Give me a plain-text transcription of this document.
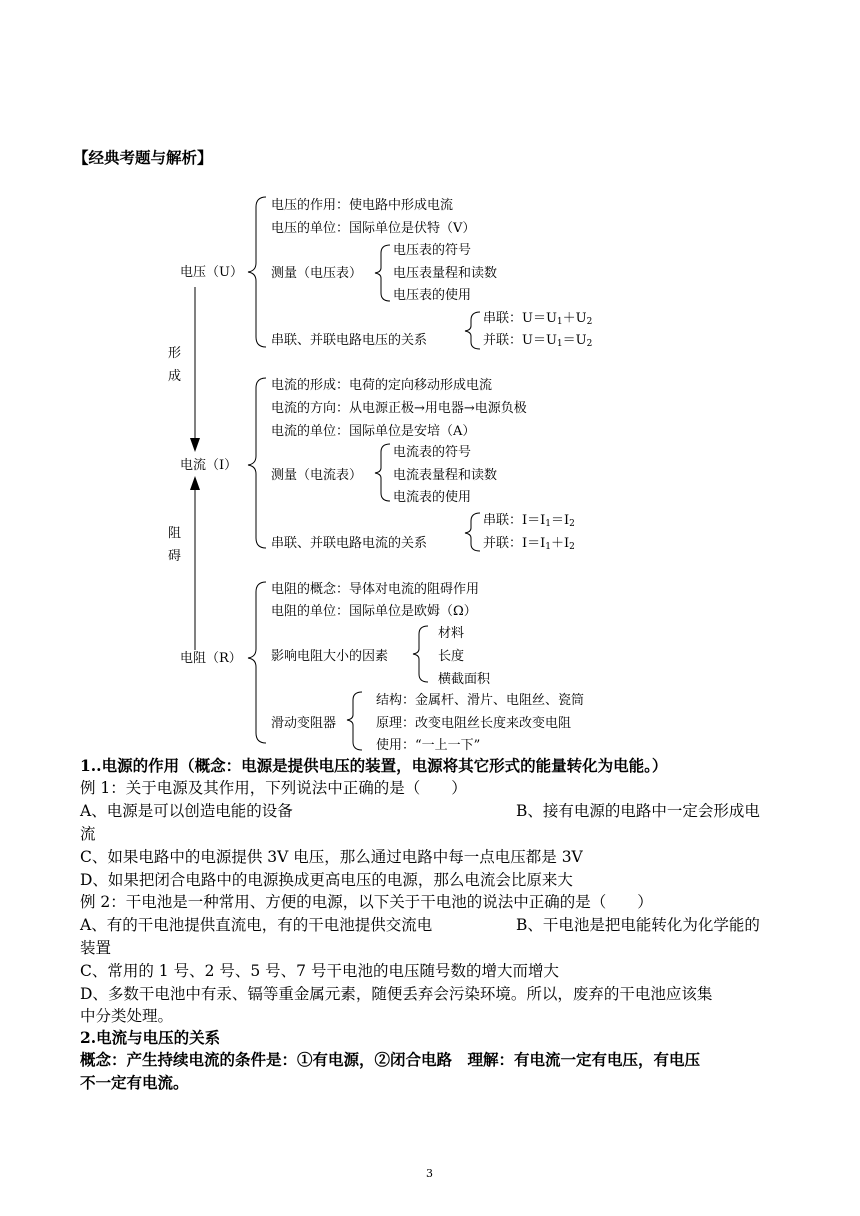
【经典考题与解析】
电压（U）
电压的作用：使电路中形成电流
电压的单位：国际单位是伏特（V）
测量（电压表）
电压表的符号
电压表量程和读数
电压表的使用
串联、并联电路电压的关系
串联：$U=U_1+U_2$
并联：$U=U_1=U_2$
形
成
电流（I）
电流的形成：电荷的定向移动形成电流
电流的方向：从电源正极→用电器→电源负极
电流的单位：国际单位是安培（A）
测量（电流表）
电流表的符号
电流表量程和读数
电流表的使用
串联、并联电路电流的关系
串联：$I=I_1=I_2$
并联：$I=I_1+I_2$
阻
碍
电阻（R）
电阻的概念：导体对电流的阻碍作用
电阻的单位：国际单位是欧姆（Ω）
影响电阻大小的因素
材料
长度
横截面积
滑动变阻器
结构：金属杆、滑片、电阻丝、瓷筒
原理：改变电阻丝长度来改变电阻
使用：“一上一下”
1..电源的作用（概念：电源是提供电压的装置，电源将其它形式的能量转化为电能。）
例 1：关于电源及其作用，下列说法中正确的是（　　）
A、电源是可以创造电能的设备	B、接有电源的电路中一定会形成电
流
C、如果电路中的电源提供 3V 电压，那么通过电路中每一点电压都是 3V
D、如果把闭合电路中的电源换成更高电压的电源，那么电流会比原来大
例 2：干电池是一种常用、方便的电源，以下关于干电池的说法中正确的是（　　）
A、有的干电池提供直流电，有的干电池提供交流电	B、干电池是把电能转化为化学能的
装置
C、常用的 1 号、2 号、5 号、7 号干电池的电压随号数的增大而增大
D、多数干电池中有汞、镉等重金属元素，随便丢弃会污染环境。所以，废弃的干电池应该集
中分类处理。
2.电流与电压的关系
概念：产生持续电流的条件是：①有电源，②闭合电路　理解：有电流一定有电压，有电压
不一定有电流。
3
